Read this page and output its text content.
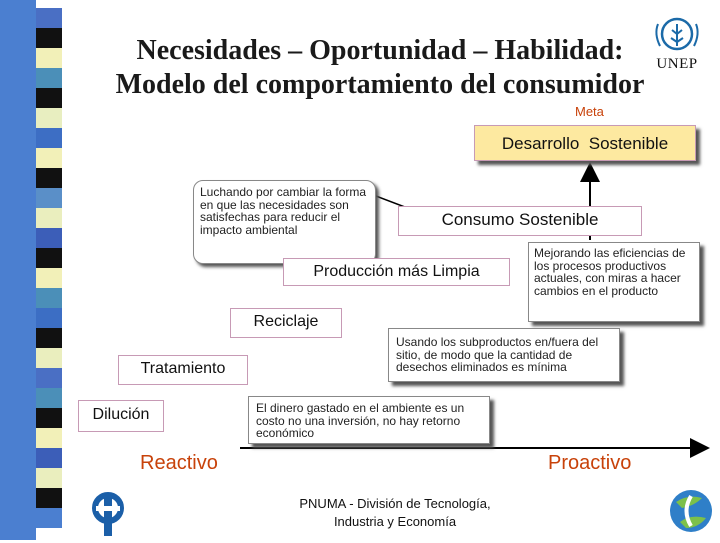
Necesidades – Oportunidad – Habilidad:
Modelo del comportamiento del consumidor
UNEP
Meta
Desarrollo  Sostenible
Luchando por cambiar la forma en que las necesidades son satisfechas para reducir el impacto ambiental
Consumo Sostenible
Producción más Limpia
Mejorando las eficiencias de los procesos productivos actuales, con miras a hacer cambios en el producto
Reciclaje
Usando los subproductos en/fuera del sitio, de modo que la cantidad de desechos eliminados es mínima
Tratamiento
El dinero gastado en el ambiente es un costo no una inversión, no hay retorno económico
Dilución
Reactivo	Proactivo
PNUMA - División de Tecnología,
Industria y Economía
